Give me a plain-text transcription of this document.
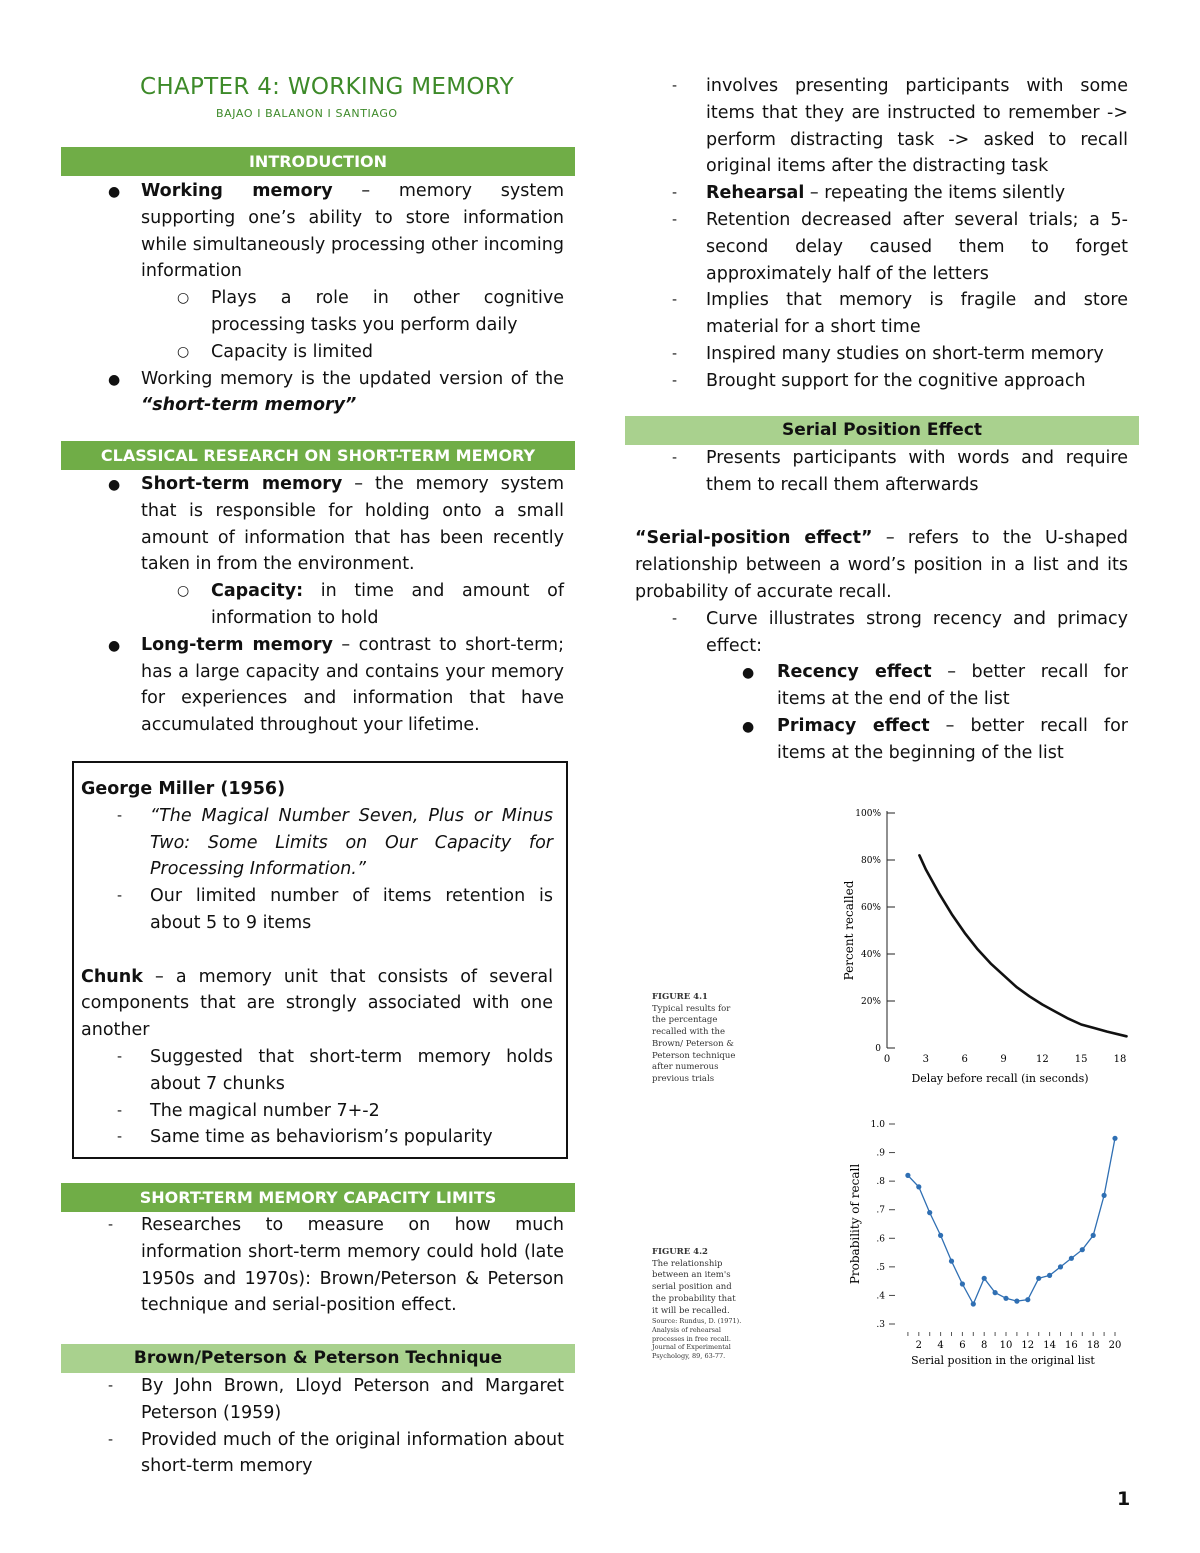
CHAPTER 4: WORKING MEMORY
BAJAO I BALANON I SANTIAGO
INTRODUCTION
● Working memory – memory system supporting one’s ability to store information while simultaneously processing other incoming information
○ Plays a role in other cognitive processing tasks you perform daily
○ Capacity is limited
● Working memory is the updated version of the “short-term memory”
CLASSICAL RESEARCH ON SHORT-TERM MEMORY
● Short-term memory – the memory system that is responsible for holding onto a small amount of information that has been recently taken in from the environment.
○ Capacity: in time and amount of information to hold
● Long-term memory – contrast to short-term; has a large capacity and contains your memory for experiences and information that have accumulated throughout your lifetime.
George Miller (1956)
- “The Magical Number Seven, Plus or Minus Two: Some Limits on Our Capacity for Processing Information.”
- Our limited number of items retention is about 5 to 9 items
Chunk – a memory unit that consists of several components that are strongly associated with one another
- Suggested that short-term memory holds about 7 chunks
- The magical number 7+-2
- Same time as behaviorism’s popularity
SHORT-TERM MEMORY CAPACITY LIMITS
- Researches to measure on how much information short-term memory could hold (late 1950s and 1970s): Brown/Peterson & Peterson technique and serial-position effect.
Brown/Peterson & Peterson Technique
- By John Brown, Lloyd Peterson and Margaret Peterson (1959)
- Provided much of the original information about short-term memory
- involves presenting participants with some items that they are instructed to remember -> perform distracting task -> asked to recall original items after the distracting task
- Rehearsal – repeating the items silently
- Retention decreased after several trials; a 5-second delay caused them to forget approximately half of the letters
- Implies that memory is fragile and store material for a short time
- Inspired many studies on short-term memory
- Brought support for the cognitive approach
Serial Position Effect
- Presents participants with words and require them to recall them afterwards
“Serial-position effect” – refers to the U-shaped relationship between a word’s position in a list and its probability of accurate recall.
- Curve illustrates strong recency and primacy effect:
● Recency effect – better recall for items at the end of the list
● Primacy effect – better recall for items at the beginning of the list
FIGURE 4.1
Typical results for the percentage recalled with the Brown/ Peterson & Peterson technique after numerous previous trials
Percent recalled
Delay before recall (in seconds)
0
20%
40%
60%
80%
100%
0	3	6	9	12	15	18
FIGURE 4.2
The relationship between an item's serial position and the probability that it will be recalled.
Source: Rundus, D. (1971). Analysis of rehearsal processes in free recall. Journal of Experimental Psychology, 89, 63-77.
Probability of recall
Serial position in the original list
.3
.4
.5
.6
.7
.8
.9
1.0
2 4 6 8 10 12 14 16 18 20
1
